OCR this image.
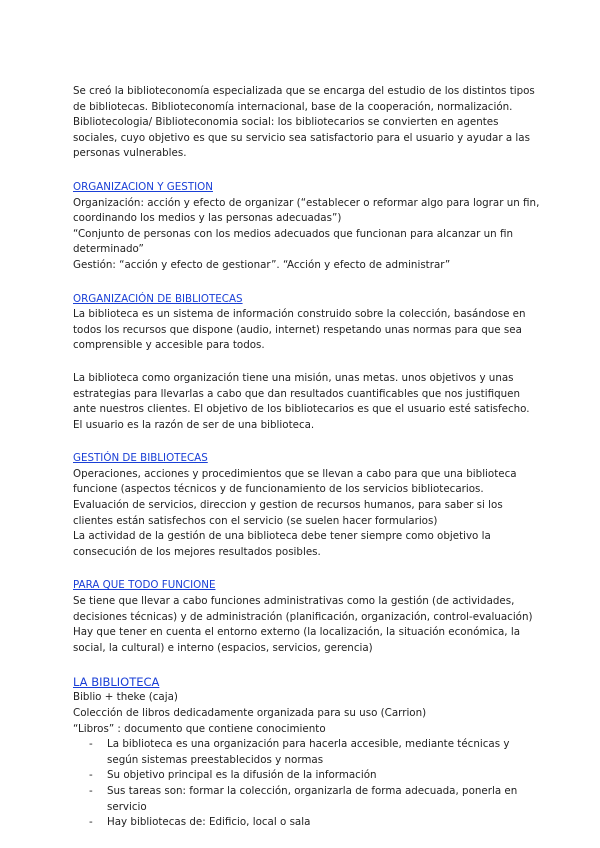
Se creó la biblioteconomía especializada que se encarga del estudio de los distintos tipos de bibliotecas. Biblioteconomía internacional, base de la cooperación, normalización.

Bibliotecologia/ Biblioteconomia social: los bibliotecarios se convierten en agentes sociales, cuyo objetivo es que su servicio sea satisfactorio para el usuario y ayudar a las personas vulnerables.

ORGANIZACION Y GESTION

Organización: acción y efecto de organizar (“establecer o reformar algo para lograr un fin, coordinando los medios y las personas adecuadas”)

“Conjunto de personas con los medios adecuados que funcionan para alcanzar un fin determinado”

Gestión: “acción y efecto de gestionar”. “Acción y efecto de administrar”

ORGANIZACIÓN DE BIBLIOTECAS

La biblioteca es un sistema de información construido sobre la colección, basándose en todos los recursos que dispone (audio, internet) respetando unas normas para que sea comprensible y accesible para todos.

La biblioteca como organización tiene una misión, unas metas. unos objetivos y unas estrategias para llevarlas a cabo que dan resultados cuantificables que nos justifiquen ante nuestros clientes. El objetivo de los bibliotecarios es que el usuario esté satisfecho. El usuario es la razón de ser de una biblioteca.

GESTIÓN DE BIBLIOTECAS

Operaciones, acciones y procedimientos que se llevan a cabo para que una biblioteca funcione (aspectos técnicos y de funcionamiento de los servicios bibliotecarios.

Evaluación de servicios, direccion y gestion de recursos humanos, para saber si los clientes están satisfechos con el servicio (se suelen hacer formularios)

La actividad de la gestión de una biblioteca debe tener siempre como objetivo la consecución de los mejores resultados posibles.

PARA QUE TODO FUNCIONE

Se tiene que llevar a cabo funciones administrativas como la gestión (de actividades, decisiones técnicas) y de administración (planificación, organización, control-evaluación)

Hay que tener en cuenta el entorno externo (la localización, la situación económica, la social, la cultural) e interno (espacios, servicios, gerencia)

LA BIBLIOTECA

Biblio + theke (caja)

Colección de libros dedicadamente organizada para su uso (Carrion)

“Libros” : documento que contiene conocimiento

- La biblioteca es una organización para hacerla accesible, mediante técnicas y según sistemas preestablecidos y normas
- Su objetivo principal es la difusión de la información
- Sus tareas son: formar la colección, organizarla de forma adecuada, ponerla en servicio
- Hay bibliotecas de: Edificio, local o sala
